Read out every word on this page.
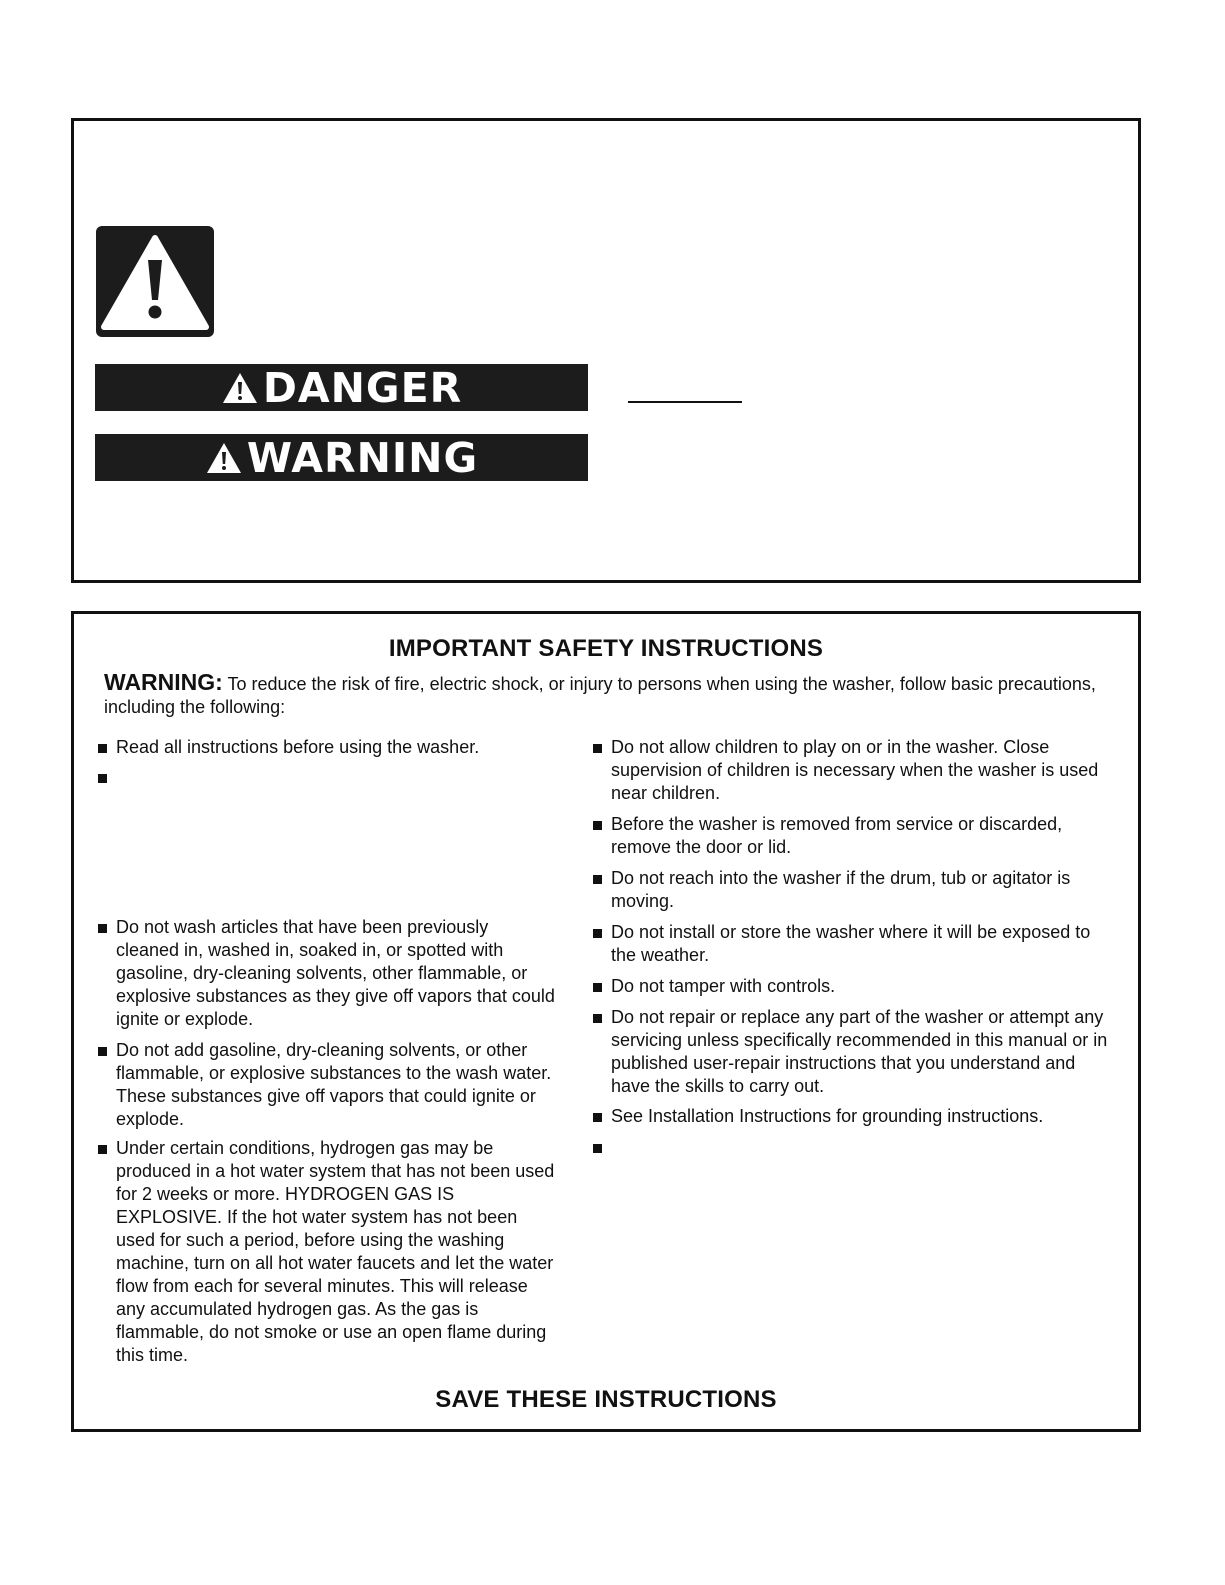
DANGER
WARNING
IMPORTANT SAFETY INSTRUCTIONS
WARNING: To reduce the risk of fire, electric shock, or injury to persons when using the washer, follow basic precautions, including the following:
Read all instructions before using the washer.
Do not wash articles that have been previously cleaned in, washed in, soaked in, or spotted with gasoline, dry-cleaning solvents, other flammable, or explosive substances as they give off vapors that could ignite or explode.
Do not add gasoline, dry-cleaning solvents, or other flammable, or explosive substances to the wash water. These substances give off vapors that could ignite or explode.
Under certain conditions, hydrogen gas may be produced in a hot water system that has not been used for 2 weeks or more. HYDROGEN GAS IS EXPLOSIVE. If the hot water system has not been used for such a period, before using the washing machine, turn on all hot water faucets and let the water flow from each for several minutes. This will release any accumulated hydrogen gas. As the gas is flammable, do not smoke or use an open flame during this time.
Do not allow children to play on or in the washer. Close supervision of children is necessary when the washer is used near children.
Before the washer is removed from service or discarded, remove the door or lid.
Do not reach into the washer if the drum, tub or agitator is moving.
Do not install or store the washer where it will be exposed to the weather.
Do not tamper with controls.
Do not repair or replace any part of the washer or attempt any servicing unless specifically recommended in this manual or in published user-repair instructions that you understand and have the skills to carry out.
See Installation Instructions for grounding instructions.
SAVE THESE INSTRUCTIONS
